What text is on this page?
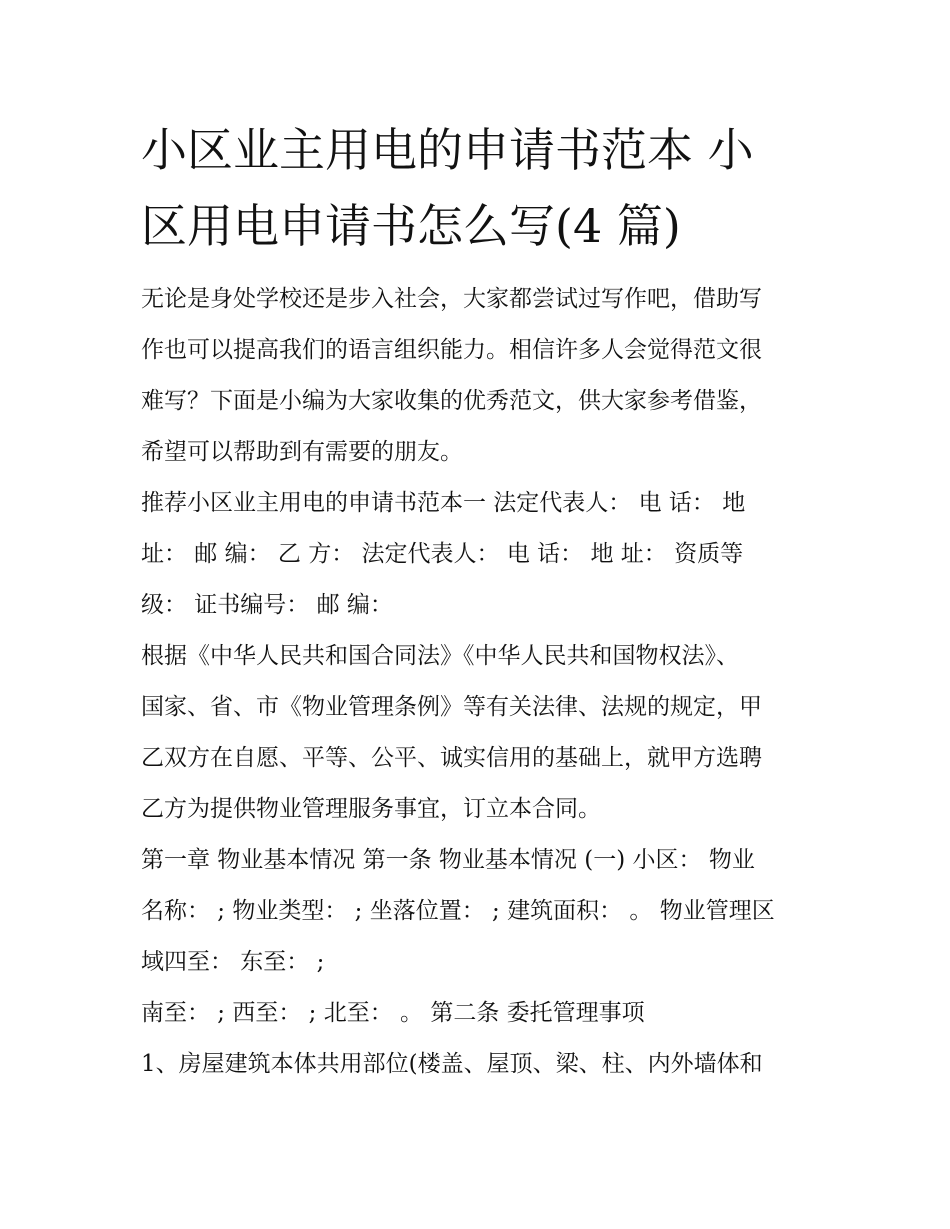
小区业主用电的申请书范本 小
区用电申请书怎么写(4 篇)

无论是身处学校还是步入社会，大家都尝试过写作吧，借助写
作也可以提高我们的语言组织能力。相信许多人会觉得范文很
难写？下面是小编为大家收集的优秀范文，供大家参考借鉴，
希望可以帮助到有需要的朋友。

推荐小区业主用电的申请书范本一 法定代表人： 电 话： 地
址： 邮 编： 乙 方： 法定代表人： 电 话： 地 址： 资质等
级： 证书编号： 邮 编：

根据《中华人民共和国合同法》《中华人民共和国物权法》、
国家、省、市《物业管理条例》等有关法律、法规的规定，甲
乙双方在自愿、平等、公平、诚实信用的基础上，就甲方选聘
乙方为提供物业管理服务事宜，订立本合同。

第一章 物业基本情况 第一条 物业基本情况 (一) 小区： 物业
名称： ; 物业类型： ; 坐落位置： ; 建筑面积： 。 物业管理区
域四至： 东至： ;

南至： ; 西至： ; 北至： 。 第二条 委托管理事项

1、房屋建筑本体共用部位(楼盖、屋顶、梁、柱、内外墙体和
